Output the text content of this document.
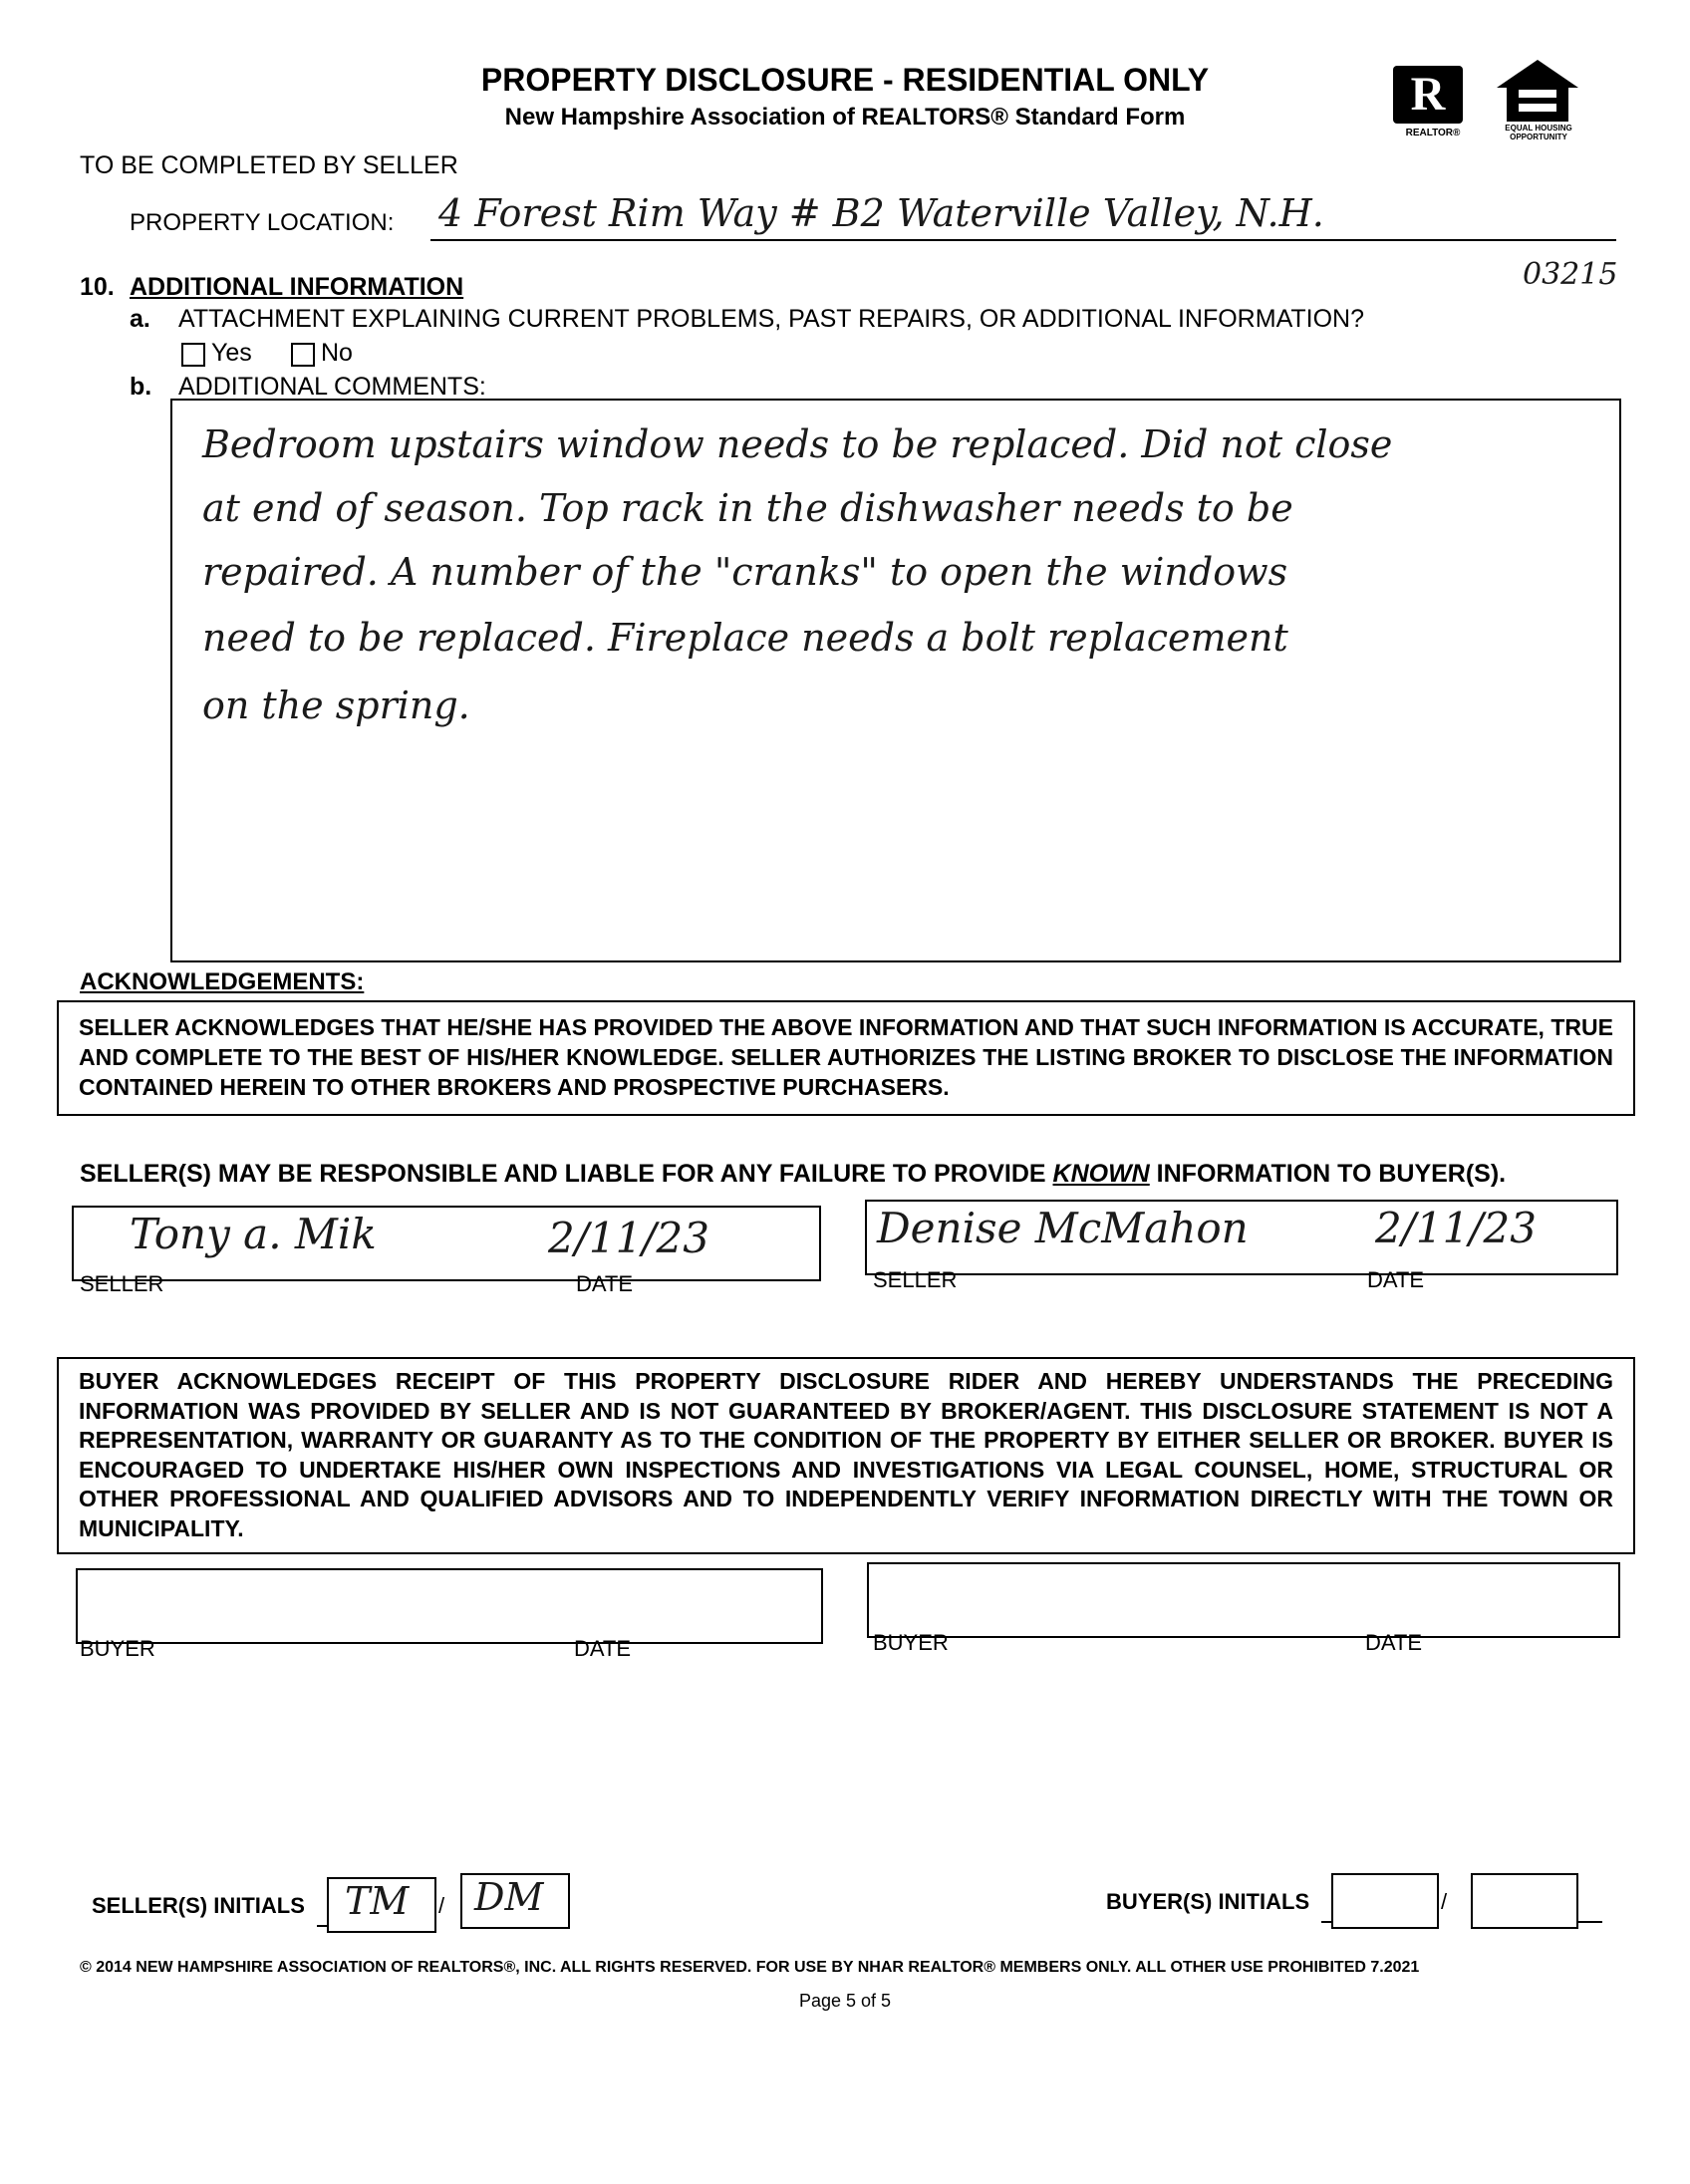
PROPERTY DISCLOSURE - RESIDENTIAL ONLY
New Hampshire Association of REALTORS® Standard Form	R
REALTOR®	EQUAL HOUSING OPPORTUNITY
TO BE COMPLETED BY SELLER
PROPERTY LOCATION: 4 Forest Rim Way # B2 Waterville Valley, N.H.
03215
10. ADDITIONAL INFORMATION
a. ATTACHMENT EXPLAINING CURRENT PROBLEMS, PAST REPAIRS, OR ADDITIONAL INFORMATION?
Yes	No
b. ADDITIONAL COMMENTS:
Bedroom upstairs window needs to be replaced. Did not close
at end of season. Top rack in the dishwasher needs to be
repaired. A number of the "cranks" to open the windows
need to be replaced. Fireplace needs a bolt replacement
on the spring.
ACKNOWLEDGEMENTS:
SELLER ACKNOWLEDGES THAT HE/SHE HAS PROVIDED THE ABOVE INFORMATION AND THAT SUCH INFORMATION IS ACCURATE, TRUE AND COMPLETE TO THE BEST OF HIS/HER KNOWLEDGE. SELLER AUTHORIZES THE LISTING BROKER TO DISCLOSE THE INFORMATION CONTAINED HEREIN TO OTHER BROKERS AND PROSPECTIVE PURCHASERS.
SELLER(S) MAY BE RESPONSIBLE AND LIABLE FOR ANY FAILURE TO PROVIDE KNOWN INFORMATION TO BUYER(S).
Tony a. Mik	2/11/23
SELLER	DATE
Denise McMahon	2/11/23
SELLER	DATE
BUYER ACKNOWLEDGES RECEIPT OF THIS PROPERTY DISCLOSURE RIDER AND HEREBY UNDERSTANDS THE PRECEDING INFORMATION WAS PROVIDED BY SELLER AND IS NOT GUARANTEED BY BROKER/AGENT. THIS DISCLOSURE STATEMENT IS NOT A REPRESENTATION, WARRANTY OR GUARANTY AS TO THE CONDITION OF THE PROPERTY BY EITHER SELLER OR BROKER. BUYER IS ENCOURAGED TO UNDERTAKE HIS/HER OWN INSPECTIONS AND INVESTIGATIONS VIA LEGAL COUNSEL, HOME, STRUCTURAL OR OTHER PROFESSIONAL AND QUALIFIED ADVISORS AND TO INDEPENDENTLY VERIFY INFORMATION DIRECTLY WITH THE TOWN OR MUNICIPALITY.
BUYER	DATE	BUYER	DATE
SELLER(S) INITIALS TM / DM	BUYER(S) INITIALS	/
© 2014 NEW HAMPSHIRE ASSOCIATION OF REALTORS®, INC. ALL RIGHTS RESERVED. FOR USE BY NHAR REALTOR® MEMBERS ONLY. ALL OTHER USE PROHIBITED 7.2021
Page 5 of 5
